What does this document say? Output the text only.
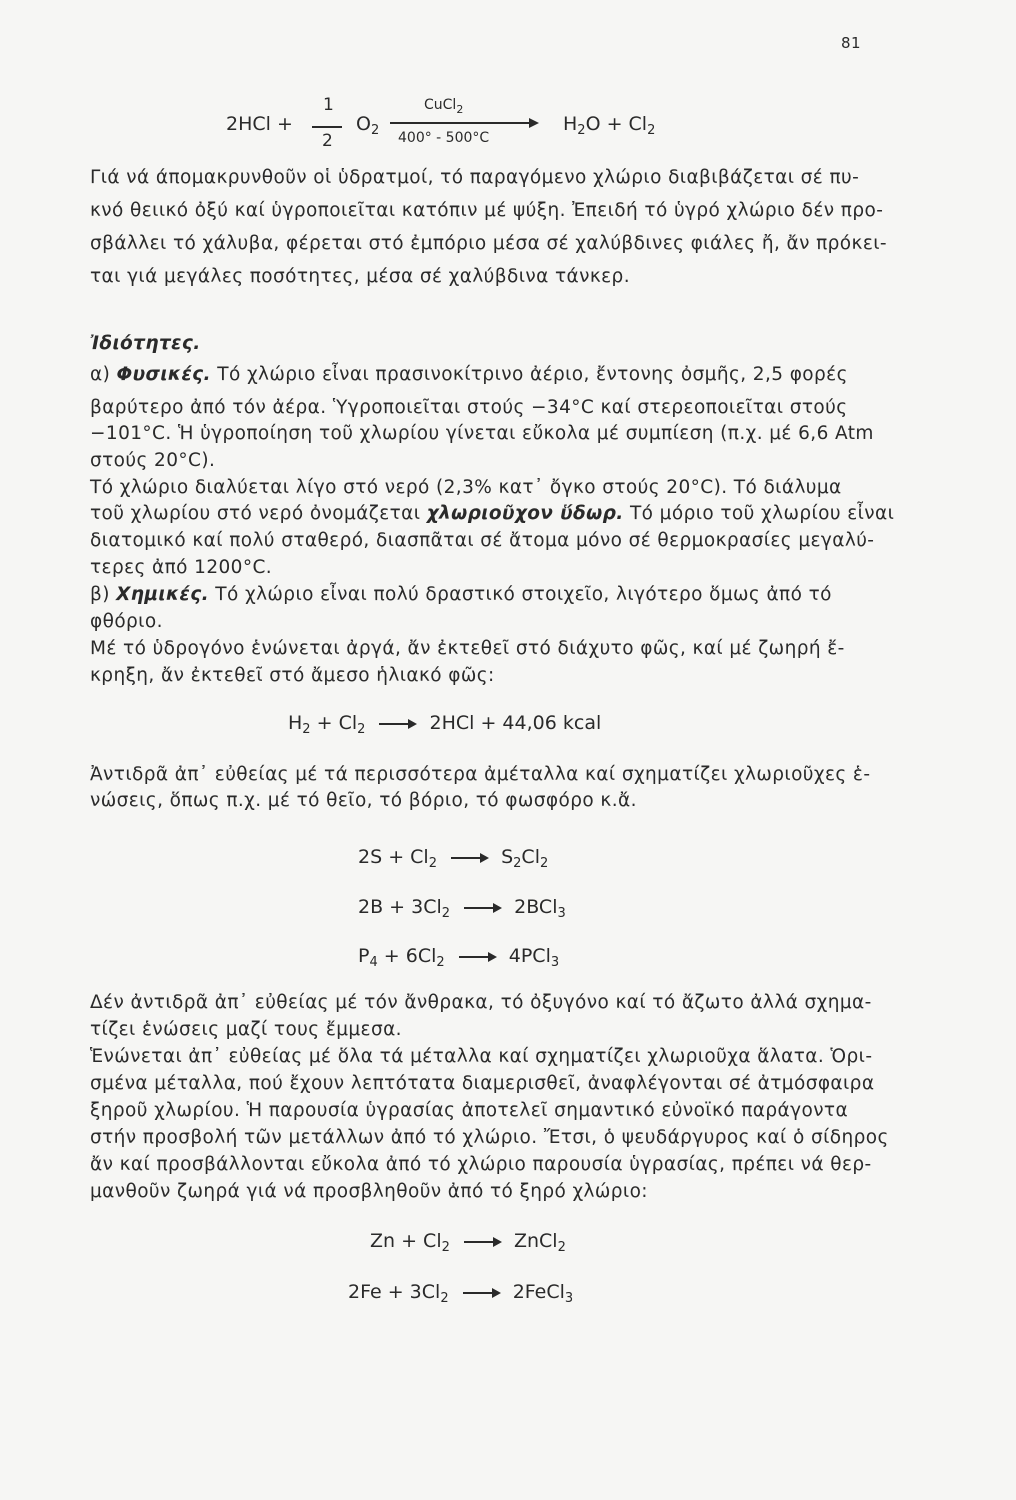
81
2HCl +
1
2
$O_2$
CuCl$_2$
400° - 500°C
$H_2O + Cl_2$
Γιά νά άπομακρυνθοῦν οἱ ὑδρατμοί, τό παραγόμενο χλώριο διαβιβάζεται σέ πυ-
κνό θειικό ὀξύ καί ὑγροποιεῖται κατόπιν μέ ψύξη. Ἐπειδή τό ὑγρό χλώριο δέν προ-
σβάλλει τό χάλυβα, φέρεται στό ἐμπόριο μέσα σέ χαλύβδινες φιάλες ἤ, ἄν πρόκει-
ται γιά μεγάλες ποσότητες, μέσα σέ χαλύβδινα τάνκερ.
Ἰδιότητες.
α) Φυσικές. Τό χλώριο εἶναι πρασινοκίτρινο ἀέριο, ἔντονης ὀσμῆς, 2,5 φορές
βαρύτερο ἀπό τόν ἀέρα. Ὑγροποιεῖται στούς −34°C καί στερεοποιεῖται στούς
−101°C. Ἡ ὑγροποίηση τοῦ χλωρίου γίνεται εὔκολα μέ συμπίεση (π.χ. μέ 6,6 Atm
στούς 20°C).
Τό χλώριο διαλύεται λίγο στό νερό (2,3% κατ᾽ ὄγκο στούς 20°C). Τό διάλυμα
τοῦ χλωρίου στό νερό ὀνομάζεται χλωριοῦχον ὕδωρ. Τό μόριο τοῦ χλωρίου εἶναι
διατομικό καί πολύ σταθερό, διασπᾶται σέ ἄτομα μόνο σέ θερμοκρασίες μεγαλύ-
τερες ἀπό 1200°C.
β) Χημικές. Τό χλώριο εἶναι πολύ δραστικό στοιχεῖο, λιγότερο ὅμως ἀπό τό
φθόριο.
Μέ τό ὑδρογόνο ἑνώνεται ἀργά, ἄν ἐκτεθεῖ στό διάχυτο φῶς, καί μέ ζωηρή ἔ-
κρηξη, ἄν ἐκτεθεῖ στό ἄμεσο ἡλιακό φῶς:
$H_2 + Cl_2 \to 2HCl + 44,06$ kcal
Ἀντιδρᾶ ἀπ᾽ εὐθείας μέ τά περισσότερα ἀμέταλλα καί σχηματίζει χλωριοῦχες ἑ-
νώσεις, ὅπως π.χ. μέ τό θεῖο, τό βόριο, τό φωσφόρο κ.ἄ.
$2S + Cl_2 \to S_2Cl_2$
$2B + 3Cl_2 \to 2BCl_3$
$P_4 + 6Cl_2 \to 4PCl_3$
Δέν ἀντιδρᾶ ἀπ᾽ εὐθείας μέ τόν ἄνθρακα, τό ὀξυγόνο καί τό ἄζωτο ἀλλά σχημα-
τίζει ἑνώσεις μαζί τους ἔμμεσα.
Ἑνώνεται ἀπ᾽ εὐθείας μέ ὅλα τά μέταλλα καί σχηματίζει χλωριοῦχα ἅλατα. Ὁρι-
σμένα μέταλλα, πού ἔχουν λεπτότατα διαμερισθεῖ, ἀναφλέγονται σέ ἀτμόσφαιρα
ξηροῦ χλωρίου. Ἡ παρουσία ὑγρασίας ἀποτελεῖ σημαντικό εὐνοϊκό παράγοντα
στήν προσβολή τῶν μετάλλων ἀπό τό χλώριο. Ἔτσι, ὁ ψευδάργυρος καί ὁ σίδηρος
ἄν καί προσβάλλονται εὔκολα ἀπό τό χλώριο παρουσία ὑγρασίας, πρέπει νά θερ-
μανθοῦν ζωηρά γιά νά προσβληθοῦν ἀπό τό ξηρό χλώριο:
$Zn + Cl_2$ → ZnCl$_2$
$2Fe + 3Cl_2$ → 2FeCl$_3$
